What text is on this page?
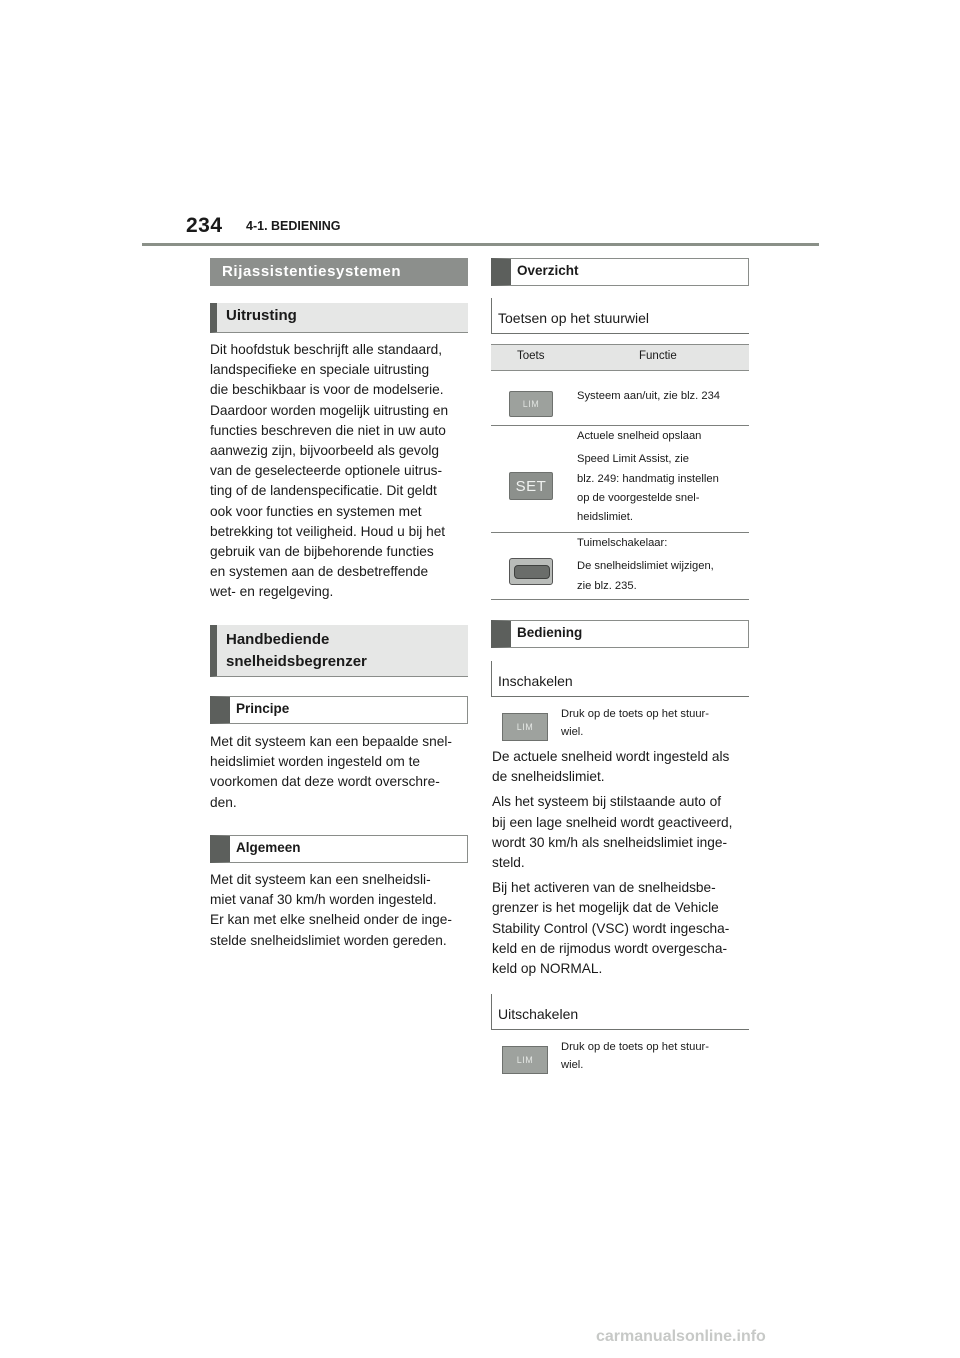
234 4-1. BEDIENING
Rijassistentiesystemen
Uitrusting

Dit hoofdstuk beschrijft alle standaard,

landspecifieke en speciale uitrusting

die beschikbaar is voor de modelserie.

Daardoor worden mogelijk uitrusting en

functies beschreven die niet in uw auto

aanwezig zijn, bijvoorbeeld als gevolg

van de geselecteerde optionele uitrus-

ting of de landenspecificatie. Dit geldt

ook voor functies en systemen met

betrekking tot veiligheid. Houd u bij het

gebruik van de bijbehorende functies

en systemen aan de desbetreffende

wet- en regelgeving.

Handbediende
snelheidsbegrenzer
Principe

Met dit systeem kan een bepaalde snel-

heidslimiet worden ingesteld om te

voorkomen dat deze wordt overschre-

den.

Algemeen

Met dit systeem kan een snelheidsli-

miet vanaf 30 km/h worden ingesteld.

Er kan met elke snelheid onder de inge-

stelde snelheidslimiet worden gereden.

Overzicht
Toetsen op het stuurwiel
Toets	Functie
LIM
Systeem aan/uit, zie blz. 234
SET
Actuele snelheid opslaan
Speed Limit Assist, zie
blz. 249: handmatig instellen
op de voorgestelde snel-
heidslimiet.
Tuimelschakelaar:
De snelheidslimiet wijzigen,
zie blz. 235.
Bediening
Inschakelen
LIM
Druk op de toets op het stuur-
wiel.

De actuele snelheid wordt ingesteld als

de snelheidslimiet.

Als het systeem bij stilstaande auto of

bij een lage snelheid wordt geactiveerd,

wordt 30 km/h als snelheidslimiet inge-

steld.

Bij het activeren van de snelheidsbe-

grenzer is het mogelijk dat de Vehicle

Stability Control (VSC) wordt ingescha-

keld en de rijmodus wordt overgescha-

keld op NORMAL.

Uitschakelen
LIM
Druk op de toets op het stuur-
wiel.
carmanualsonline.info
